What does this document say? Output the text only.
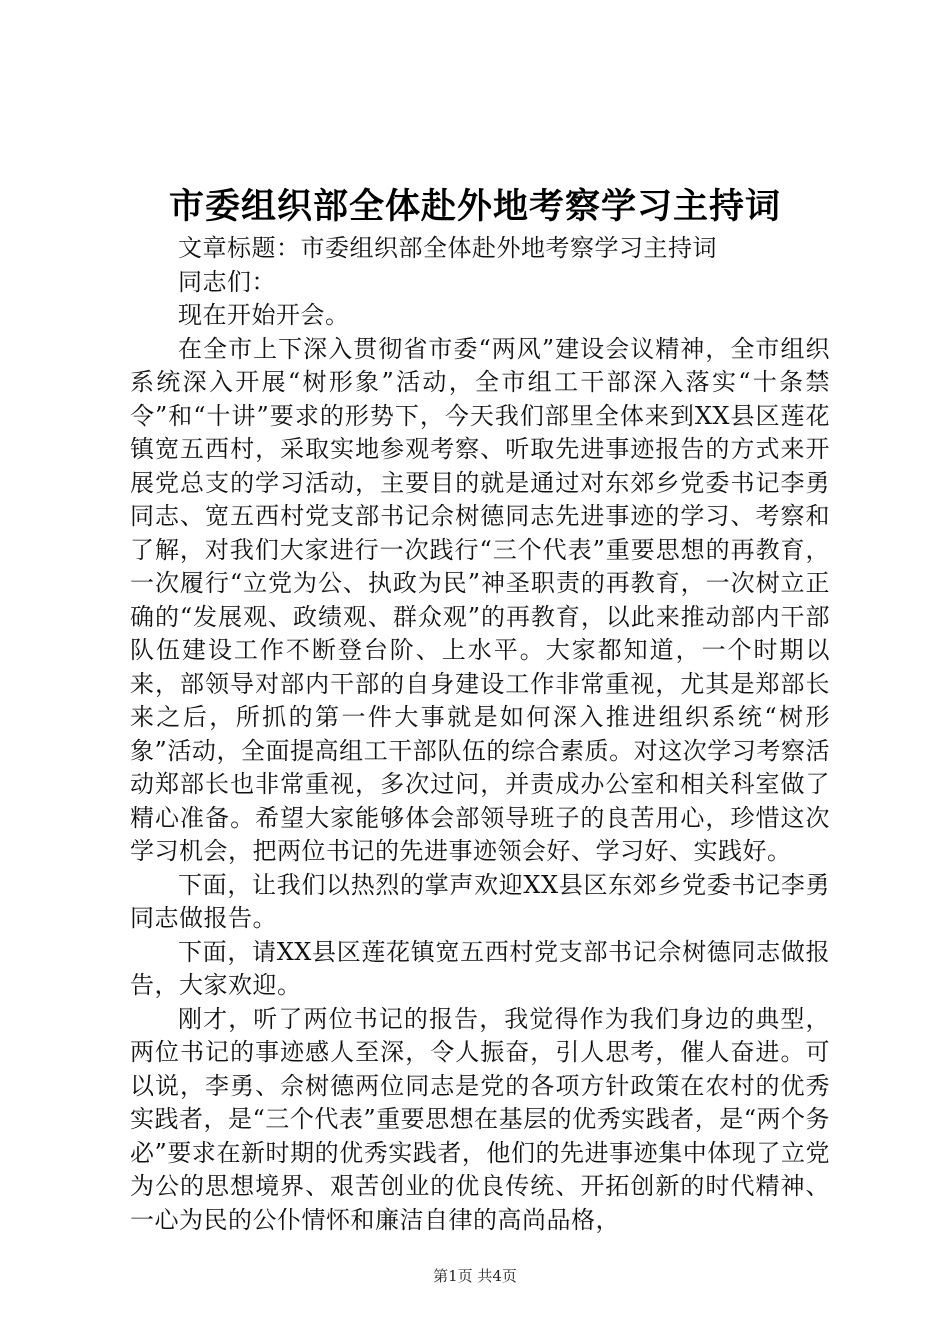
市委组织部全体赴外地考察学习主持词

文章标题：市委组织部全体赴外地考察学习主持词

同志们：

现在开始开会。

在全市上下深入贯彻省市委“两风”建设会议精神，全市组织系统深入开展“树形象”活动，全市组工干部深入落实“十条禁令”和“十讲”要求的形势下，今天我们部里全体来到XX县区莲花镇宽五西村，采取实地参观考察、听取先进事迹报告的方式来开展党总支的学习活动，主要目的就是通过对东郊乡党委书记李勇同志、宽五西村党支部书记佘树德同志先进事迹的学习、考察和了解，对我们大家进行一次践行“三个代表”重要思想的再教育，一次履行“立党为公、执政为民”神圣职责的再教育，一次树立正确的“发展观、政绩观、群众观”的再教育，以此来推动部内干部队伍建设工作不断登台阶、上水平。大家都知道，一个时期以来，部领导对部内干部的自身建设工作非常重视，尤其是郑部长来之后，所抓的第一件大事就是如何深入推进组织系统“树形象”活动，全面提高组工干部队伍的综合素质。对这次学习考察活动郑部长也非常重视，多次过问，并责成办公室和相关科室做了精心准备。希望大家能够体会部领导班子的良苦用心，珍惜这次学习机会，把两位书记的先进事迹领会好、学习好、实践好。

下面，让我们以热烈的掌声欢迎XX县区东郊乡党委书记李勇同志做报告。

下面，请XX县区莲花镇宽五西村党支部书记佘树德同志做报告，大家欢迎。

刚才，听了两位书记的报告，我觉得作为我们身边的典型，两位书记的事迹感人至深，令人振奋，引人思考，催人奋进。可以说，李勇、佘树德两位同志是党的各项方针政策在农村的优秀实践者，是“三个代表”重要思想在基层的优秀实践者，是“两个务必”要求在新时期的优秀实践者，他们的先进事迹集中体现了立党为公的思想境界、艰苦创业的优良传统、开拓创新的时代精神、一心为民的公仆情怀和廉洁自律的高尚品格，

第1页 共4页
